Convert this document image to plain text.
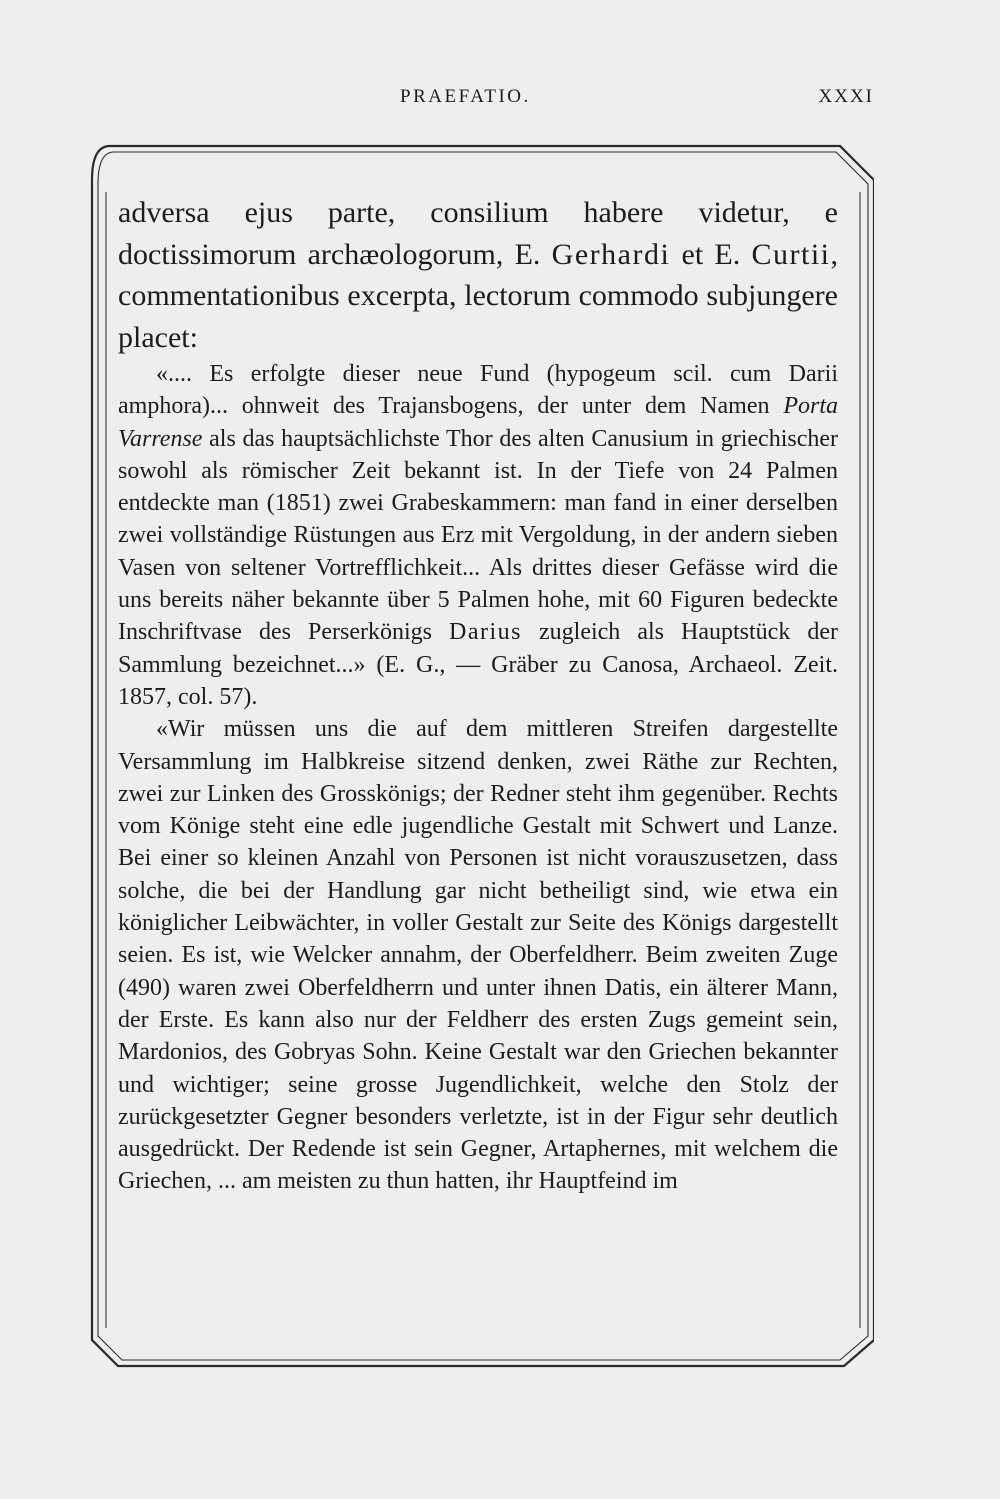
PRAEFATIO.	XXXI

adversa ejus parte, consilium habere videtur, e doctissimorum archæologorum, E. Gerhardi et E. Curtii, commentationibus excerpta, lectorum commodo subjungere placet:

«.... Es erfolgte dieser neue Fund (hypogeum scil. cum Darii amphora)... ohnweit des Trajansbogens, der unter dem Namen Porta Varrense als das hauptsächlichste Thor des alten Canusium in griechischer sowohl als römischer Zeit bekannt ist. In der Tiefe von 24 Palmen entdeckte man (1851) zwei Grabeskammern: man fand in einer derselben zwei vollständige Rüstungen aus Erz mit Vergoldung, in der andern sieben Vasen von seltener Vortrefflichkeit... Als drittes dieser Gefässe wird die uns bereits näher bekannte über 5 Palmen hohe, mit 60 Figuren bedeckte Inschriftvase des Perserkönigs Darius zugleich als Hauptstück der Sammlung bezeichnet...» (E. G., — Gräber zu Canosa, Archaeol. Zeit. 1857, col. 57).

«Wir müssen uns die auf dem mittleren Streifen dargestellte Versammlung im Halbkreise sitzend denken, zwei Räthe zur Rechten, zwei zur Linken des Grosskönigs; der Redner steht ihm gegenüber. Rechts vom Könige steht eine edle jugendliche Gestalt mit Schwert und Lanze. Bei einer so kleinen Anzahl von Personen ist nicht vorauszusetzen, dass solche, die bei der Handlung gar nicht betheiligt sind, wie etwa ein königlicher Leibwächter, in voller Gestalt zur Seite des Königs dargestellt seien. Es ist, wie Welcker annahm, der Oberfeldherr. Beim zweiten Zuge (490) waren zwei Oberfeldherrn und unter ihnen Datis, ein älterer Mann, der Erste. Es kann also nur der Feldherr des ersten Zugs gemeint sein, Mardonios, des Gobryas Sohn. Keine Gestalt war den Griechen bekannter und wichtiger; seine grosse Jugendlichkeit, welche den Stolz der zurückgesetzter Gegner besonders verletzte, ist in der Figur sehr deutlich ausgedrückt. Der Redende ist sein Gegner, Artaphernes, mit welchem die Griechen, ... am meisten zu thun hatten, ihr Hauptfeind im
